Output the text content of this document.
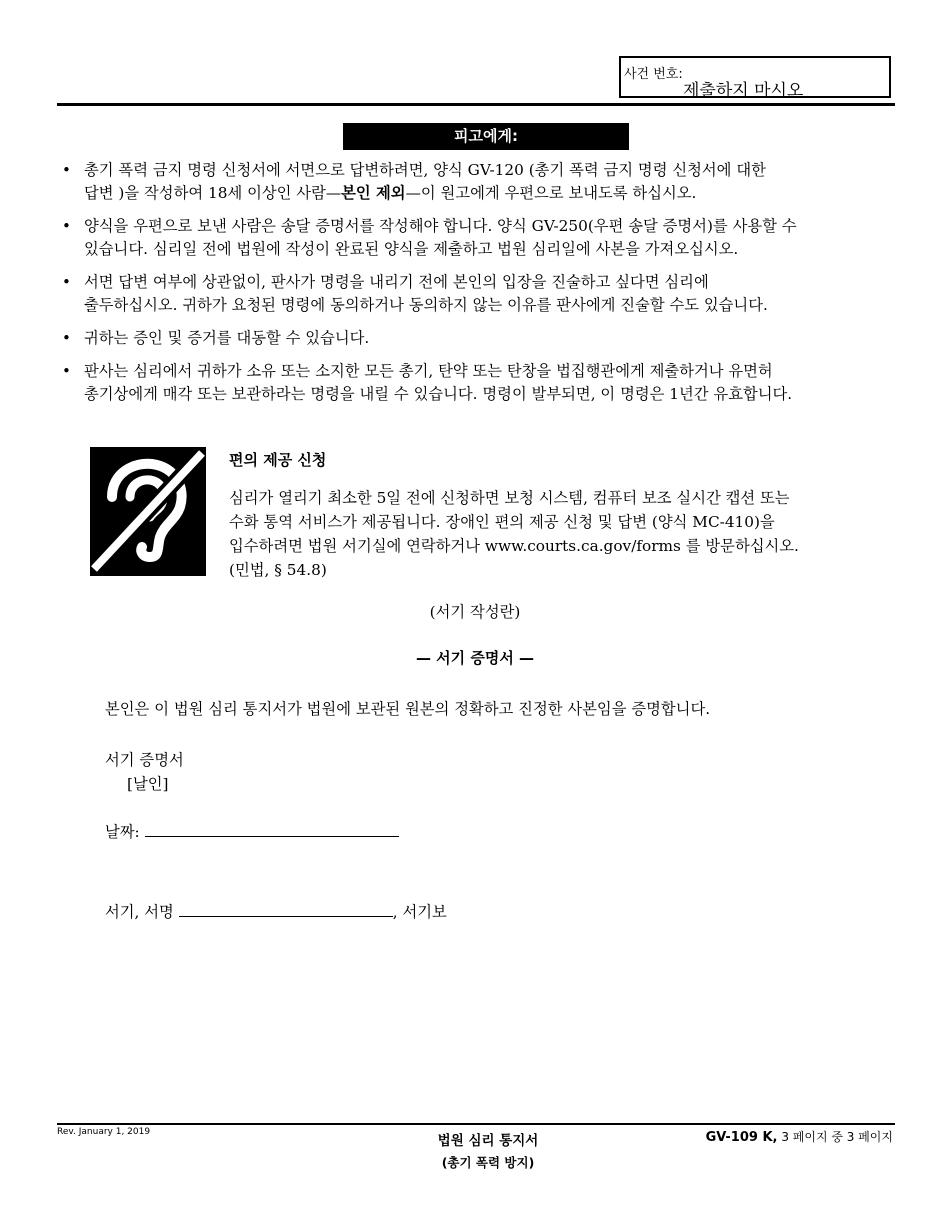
사건 번호:
제출하지 마시오
피고에게:
• 총기 폭력 금지 명령 신청서에 서면으로 답변하려면, 양식 GV-120 (총기 폭력 금지 명령 신청서에 대한
답변 )을 작성하여 18세 이상인 사람—본인 제외—이 원고에게 우편으로 보내도록 하십시오.
• 양식을 우편으로 보낸 사람은 송달 증명서를 작성해야 합니다. 양식 GV-250(우편 송달 증명서)를 사용할 수
있습니다. 심리일 전에 법원에 작성이 완료된 양식을 제출하고 법원 심리일에 사본을 가져오십시오.
• 서면 답변 여부에 상관없이, 판사가 명령을 내리기 전에 본인의 입장을 진술하고 싶다면 심리에
출두하십시오. 귀하가 요청된 명령에 동의하거나 동의하지 않는 이유를 판사에게 진술할 수도 있습니다.
• 귀하는 증인 및 증거를 대동할 수 있습니다.
• 판사는 심리에서 귀하가 소유 또는 소지한 모든 총기, 탄약 또는 탄창을 법집행관에게 제출하거나 유면허
총기상에게 매각 또는 보관하라는 명령을 내릴 수 있습니다. 명령이 발부되면, 이 명령은 1년간 유효합니다.
편의 제공 신청
심리가 열리기 최소한 5일 전에 신청하면 보청 시스템, 컴퓨터 보조 실시간 캡션 또는
수화 통역 서비스가 제공됩니다. 장애인 편의 제공 신청 및 답변 (양식 MC-410)을
입수하려면 법원 서기실에 연락하거나 www.courts.ca.gov/forms 를 방문하십시오.
(민법, § 54.8)
(서기 작성란)
— 서기 증명서 —
본인은 이 법원 심리 통지서가 법원에 보관된 원본의 정확하고 진정한 사본임을 증명합니다.
서기 증명서
[날인]
날짜:
서기, 서명	, 서기보
Rev. January 1, 2019
법원 심리 통지서
(총기 폭력 방지)
GV-109 K, 3 페이지 중 3 페이지
